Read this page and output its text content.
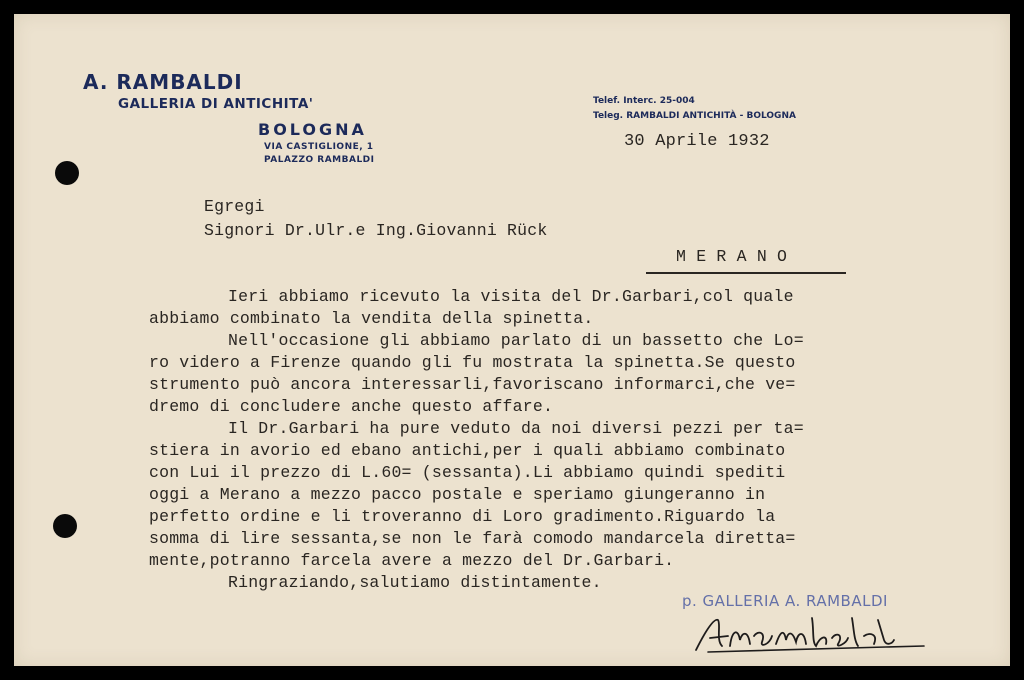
A. RAMBALDI
GALLERIA DI ANTICHITA'
BOLOGNA
VIA CASTIGLIONE, 1
PALAZZO RAMBALDI
Telef. Interc. 25-004
Teleg. RAMBALDI ANTICHITÀ - BOLOGNA
30 Aprile 1932
Egregi
Signori Dr.Ulr.e Ing.Giovanni Rück
M E R A N O
Ieri abbiamo ricevuto la visita del Dr.Garbari,col quale
abbiamo combinato la vendita della spinetta.
Nell'occasione gli abbiamo parlato di un bassetto che Lo=
ro videro a Firenze quando gli fu mostrata la spinetta.Se questo
strumento può ancora interessarli,favoriscano informarci,che ve=
dremo di concludere anche questo affare.
Il Dr.Garbari ha pure veduto da noi diversi pezzi per ta=
stiera in avorio ed ebano antichi,per i quali abbiamo combinato
con Lui il prezzo di L.60= (sessanta).Li abbiamo quindi spediti
oggi a Merano a mezzo pacco postale e speriamo giungeranno in
perfetto ordine e li troveranno di Loro gradimento.Riguardo la
somma di lire sessanta,se non le farà comodo mandarcela diretta=
mente,potranno farcela avere a mezzo del Dr.Garbari.
Ringraziando,salutiamo distintamente.
p. GALLERIA A. RAMBALDI
